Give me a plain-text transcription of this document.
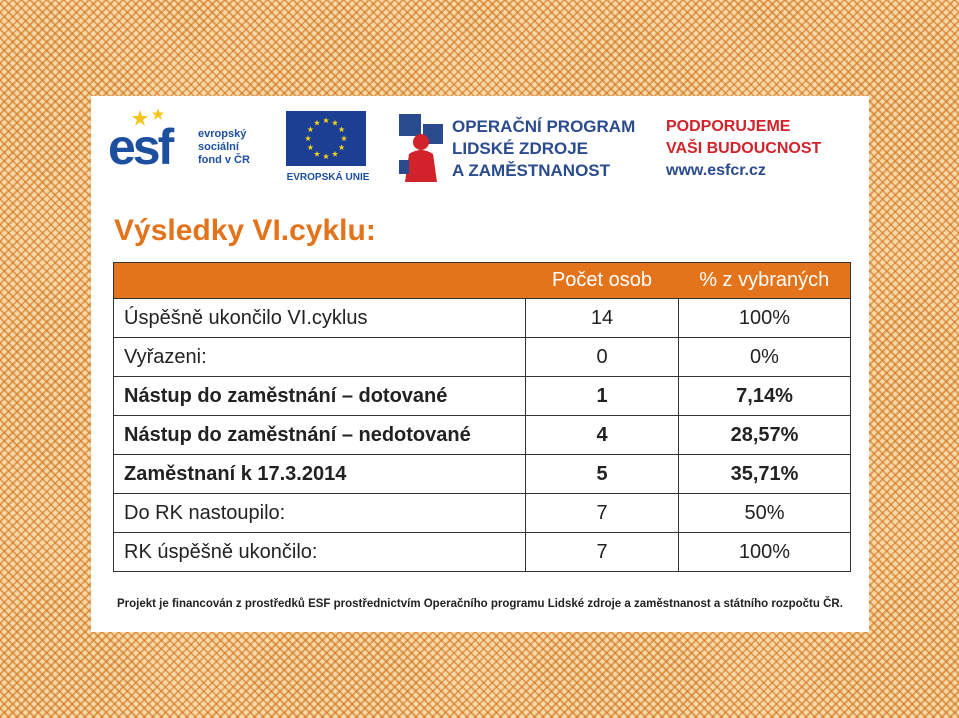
esf evropský
sociální
fond v ČR
EVROPSKÁ UNIE
OPERAČNÍ PROGRAM
LIDSKÉ ZDROJE
A ZAMĚSTNANOST
PODPORUJEME
VAŠI BUDOUCNOST
www.esfcr.cz
Výsledky VI.cyklu:
	Počet osob	% z vybraných
Úspěšně ukončilo VI.cyklus	14	100%
Vyřazeni:	0	0%
Nástup do zaměstnání – dotované	1	7,14%
Nástup do zaměstnání – nedotované	4	28,57%
Zaměstnaní k 17.3.2014	5	35,71%
Do RK nastoupilo:	7	50%
RK úspěšně ukončilo:	7	100%
Projekt je financován z prostředků ESF prostřednictvím Operačního programu Lidské zdroje a zaměstnanost a státního rozpočtu ČR.
